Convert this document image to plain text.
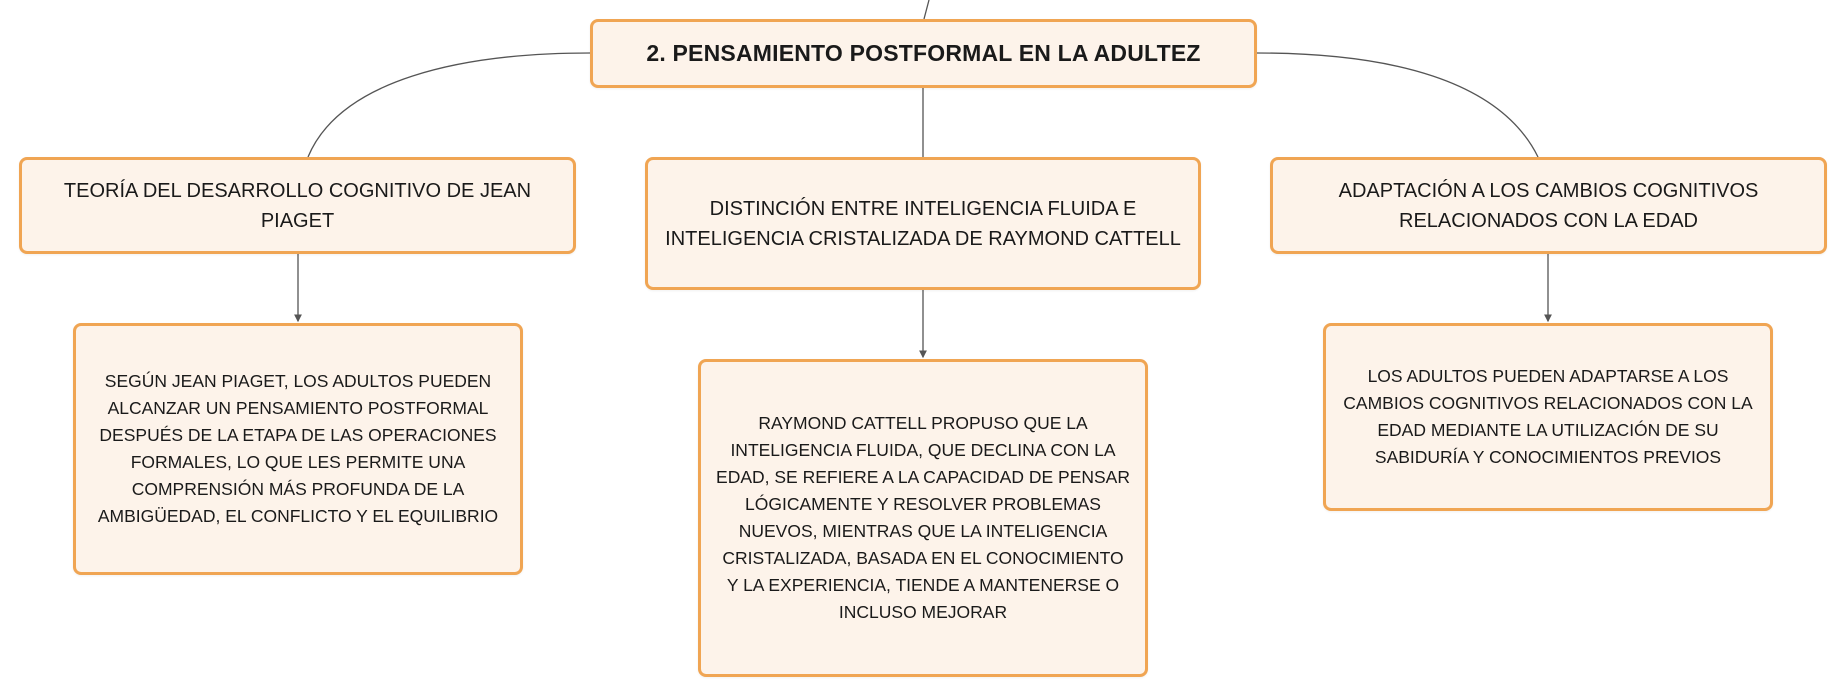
2. PENSAMIENTO POSTFORMAL EN LA ADULTEZ
TEORÍA DEL DESARROLLO COGNITIVO DE JEAN PIAGET
DISTINCIÓN ENTRE INTELIGENCIA FLUIDA E INTELIGENCIA CRISTALIZADA DE RAYMOND CATTELL
ADAPTACIÓN A LOS CAMBIOS COGNITIVOS RELACIONADOS CON LA EDAD
SEGÚN JEAN PIAGET, LOS ADULTOS PUEDEN ALCANZAR UN PENSAMIENTO POSTFORMAL DESPUÉS DE LA ETAPA DE LAS OPERACIONES FORMALES, LO QUE LES PERMITE UNA COMPRENSIÓN MÁS PROFUNDA DE LA AMBIGÜEDAD, EL CONFLICTO Y EL EQUILIBRIO
RAYMOND CATTELL PROPUSO QUE LA INTELIGENCIA FLUIDA, QUE DECLINA CON LA EDAD, SE REFIERE A LA CAPACIDAD DE PENSAR LÓGICAMENTE Y RESOLVER PROBLEMAS NUEVOS, MIENTRAS QUE LA INTELIGENCIA CRISTALIZADA, BASADA EN EL CONOCIMIENTO Y LA EXPERIENCIA, TIENDE A MANTENERSE O INCLUSO MEJORAR
LOS ADULTOS PUEDEN ADAPTARSE A LOS CAMBIOS COGNITIVOS RELACIONADOS CON LA EDAD MEDIANTE LA UTILIZACIÓN DE SU SABIDURÍA Y CONOCIMIENTOS PREVIOS
